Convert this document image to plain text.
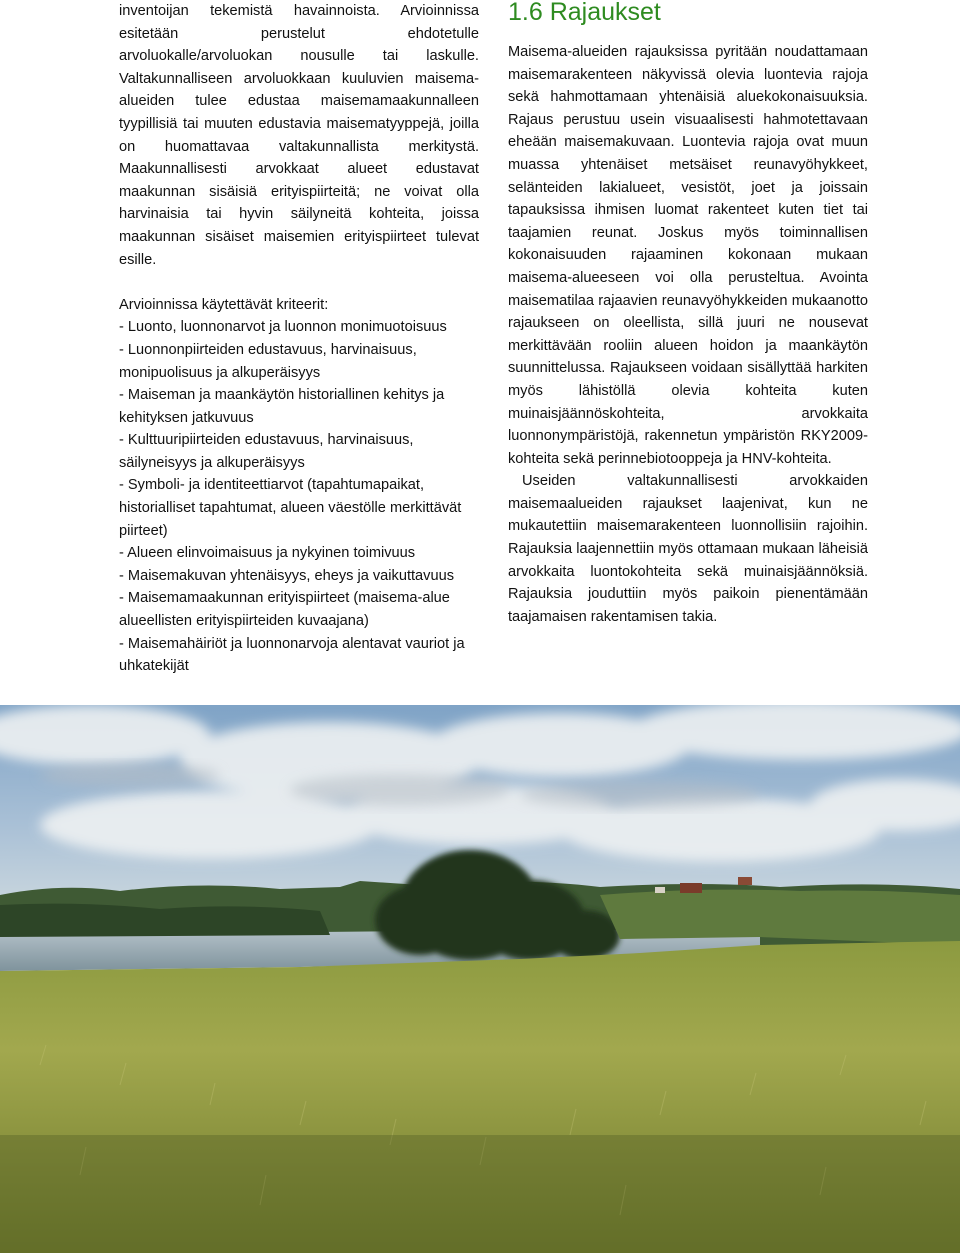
inventoijan tekemistä havainnoista. Arvioinnissa esitetään perustelut ehdotetulle arvoluokalle/arvoluokan nousulle tai laskulle. Valtakunnalliseen arvoluokkaan kuuluvien maisema-alueiden tulee edustaa maisemamaakunnalleen tyypillisiä tai muuten edustavia maisematyyppejä, joilla on huomattavaa valtakunnallista merkitystä. Maakunnallisesti arvokkaat alueet edustavat maakunnan sisäisiä erityispiirteitä; ne voivat olla harvinaisia tai hyvin säilyneitä kohteita, joissa maakunnan sisäiset maisemien erityispiirteet tulevat esille.

Arvioinnissa käytettävät kriteerit:

- Luonto, luonnonarvot ja luonnon monimuotoisuus
- Luonnonpiirteiden edustavuus, harvinaisuus, monipuolisuus ja alkuperäisyys
- Maiseman ja maankäytön historiallinen kehitys ja kehityksen jatkuvuus
- Kulttuuripiirteiden edustavuus, harvinaisuus, säilyneisyys ja alkuperäisyys
- Symboli- ja identiteettiarvot (tapahtumapaikat, historialliset tapahtumat, alueen väestölle merkittävät piirteet)
- Alueen elinvoimaisuus ja nykyinen toimivuus
- Maisemakuvan yhtenäisyys, eheys ja vaikuttavuus
- Maisemamaakunnan erityispiirteet (maisema-alue alueellisten erityispiirteiden kuvaajana)
- Maisemahäiriöt ja luonnonarvoja alentavat vauriot ja uhkatekijät
1.6 Rajaukset

Maisema-alueiden rajauksissa pyritään noudattamaan maisemarakenteen näkyvissä olevia luontevia rajoja sekä hahmottamaan yhtenäisiä aluekokonaisuuksia. Rajaus perustuu usein visuaalisesti hahmotettavaan eheään maisemakuvaan. Luontevia rajoja ovat muun muassa yhtenäiset metsäiset reunavyöhykkeet, selänteiden lakialueet, vesistöt, joet ja joissain tapauksissa ihmisen luomat rakenteet kuten tiet tai taajamien reunat. Joskus myös toiminnallisen kokonaisuuden rajaaminen kokonaan mukaan maisema-alueeseen voi olla perusteltua. Avointa maisematilaa rajaavien reunavyöhykkeiden mukaanotto rajaukseen on oleellista, sillä juuri ne nousevat merkittävään rooliin alueen hoidon ja maankäytön suunnittelussa. Rajaukseen voidaan sisällyttää harkiten myös lähistöllä olevia kohteita kuten muinaisjäännöskohteita, arvokkaita luonnonympäristöjä, rakennetun ympäristön RKY2009-kohteita sekä perinnebiotooppeja ja HNV-kohteita.

Useiden valtakunnallisesti arvokkaiden maisemaalueiden rajaukset laajenivat, kun ne mukautettiin maisemarakenteen luonnollisiin rajoihin. Rajauksia laajennettiin myös ottamaan mukaan läheisiä arvokkaita luontokohteita sekä muinaisjäännöksiä. Rajauksia jouduttiin myös paikoin pienentämään taajamaisen rakentamisen takia.
